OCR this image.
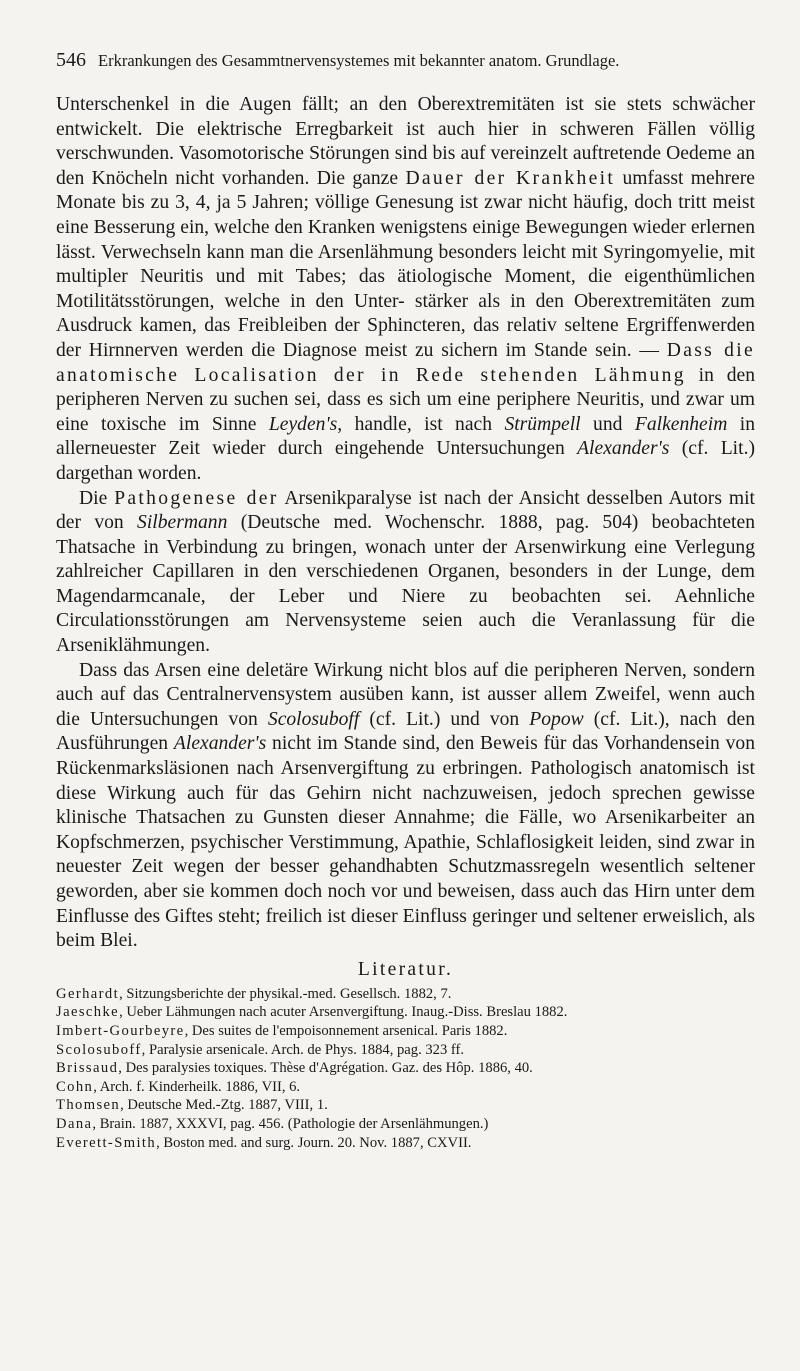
546 Erkrankungen des Gesammtnervensystemes mit bekannter anatom. Grundlage.

Unterschenkel in die Augen fällt; an den Oberextremitäten ist sie stets schwächer entwickelt. Die elektrische Erregbarkeit ist auch hier in schweren Fällen völlig verschwunden. Vasomotorische Störungen sind bis auf vereinzelt auftretende Oedeme an den Knöcheln nicht vorhanden. Die ganze Dauer der Krankheit umfasst mehrere Monate bis zu 3, 4, ja 5 Jahren; völlige Genesung ist zwar nicht häufig, doch tritt meist eine Besserung ein, welche den Kranken wenigstens einige Bewegungen wieder erlernen lässt. Verwechseln kann man die Arsenlähmung besonders leicht mit Syringomyelie, mit multipler Neuritis und mit Tabes; das ätiologische Moment, die eigenthümlichen Motilitätsstörungen, welche in den Unter- stärker als in den Oberextremitäten zum Ausdruck kamen, das Freibleiben der Sphincteren, das relativ seltene Ergriffenwerden der Hirnnerven werden die Diagnose meist zu sichern im Stande sein. — Dass die anatomische Localisation der in Rede stehenden Lähmung in den peripheren Nerven zu suchen sei, dass es sich um eine periphere Neuritis, und zwar um eine toxische im Sinne Leyden's, handle, ist nach Strümpell und Falkenheim in allerneuester Zeit wieder durch eingehende Untersuchungen Alexander's (cf. Lit.) dargethan worden.

Die Pathogenese der Arsenikparalyse ist nach der Ansicht desselben Autors mit der von Silbermann (Deutsche med. Wochenschr. 1888, pag. 504) beobachteten Thatsache in Verbindung zu bringen, wonach unter der Arsenwirkung eine Verlegung zahlreicher Capillaren in den verschiedenen Organen, besonders in der Lunge, dem Magendarmcanale, der Leber und Niere zu beobachten sei. Aehnliche Circulationsstörungen am Nervensysteme seien auch die Veranlassung für die Arseniklähmungen.

Dass das Arsen eine deletäre Wirkung nicht blos auf die peripheren Nerven, sondern auch auf das Centralnervensystem ausüben kann, ist ausser allem Zweifel, wenn auch die Untersuchungen von Scolosuboff (cf. Lit.) und von Popow (cf. Lit.), nach den Ausführungen Alexander's nicht im Stande sind, den Beweis für das Vorhandensein von Rückenmarksläsionen nach Arsenvergiftung zu erbringen. Pathologisch anatomisch ist diese Wirkung auch für das Gehirn nicht nachzuweisen, jedoch sprechen gewisse klinische Thatsachen zu Gunsten dieser Annahme; die Fälle, wo Arsenikarbeiter an Kopfschmerzen, psychischer Verstimmung, Apathie, Schlaflosigkeit leiden, sind zwar in neuester Zeit wegen der besser gehandhabten Schutzmassregeln wesentlich seltener geworden, aber sie kommen doch noch vor und beweisen, dass auch das Hirn unter dem Einflusse des Giftes steht; freilich ist dieser Einfluss geringer und seltener erweislich, als beim Blei.

Literatur.
Gerhardt, Sitzungsberichte der physikal.-med. Gesellsch. 1882, 7.
Jaeschke, Ueber Lähmungen nach acuter Arsenvergiftung. Inaug.-Diss. Breslau 1882.
Imbert-Gourbeyre, Des suites de l'empoisonnement arsenical. Paris 1882.
Scolosuboff, Paralysie arsenicale. Arch. de Phys. 1884, pag. 323 ff.
Brissaud, Des paralysies toxiques. Thèse d'Agrégation. Gaz. des Hôp. 1886, 40.
Cohn, Arch. f. Kinderheilk. 1886, VII, 6.
Thomsen, Deutsche Med.-Ztg. 1887, VIII, 1.
Dana, Brain. 1887, XXXVI, pag. 456. (Pathologie der Arsenlähmungen.)
Everett-Smith, Boston med. and surg. Journ. 20. Nov. 1887, CXVII.
